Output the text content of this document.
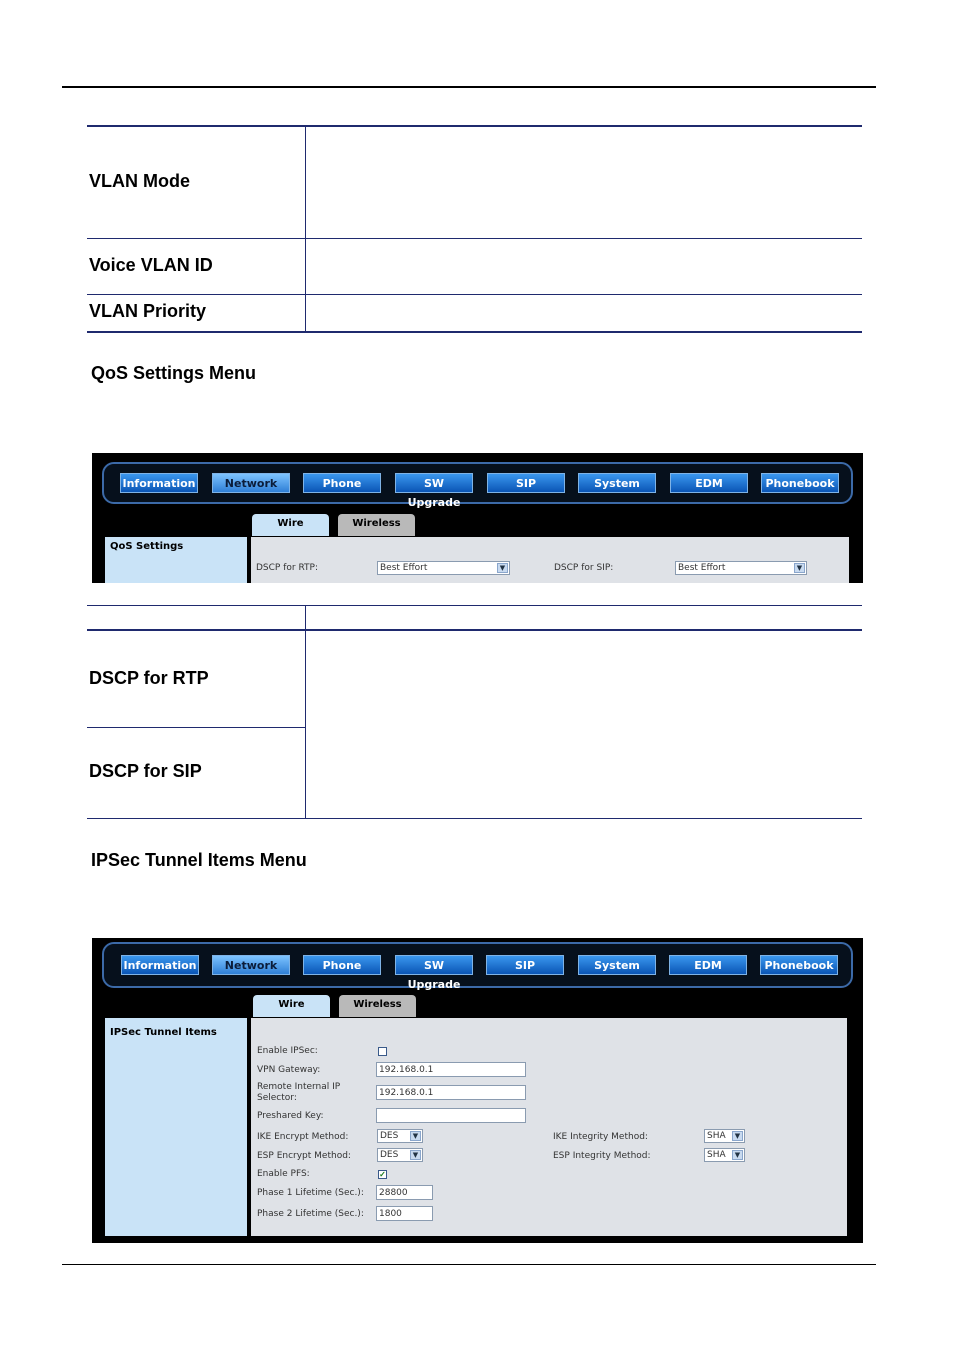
VLAN Mode
Voice VLAN ID
VLAN Priority
QoS Settings Menu
Information	Network	Phone	SW Upgrade
SIP	System	EDM	Phonebook
Wire	Wireless
QoS Settings
DSCP for RTP:	Best Effort	▼	DSCP for SIP:	Best Effort	▼
DSCP for RTP
DSCP for SIP
IPSec Tunnel Items Menu
Information	Network	Phone	SW Upgrade
SIP	System	EDM	Phonebook
Wire	Wireless
IPSec Tunnel Items
Enable IPSec:
VPN Gateway:	192.168.0.1
Remote Internal IP
Selector:	192.168.0.1
Preshared Key:
IKE Encrypt Method:	DES	▼	IKE Integrity Method:	SHA	▼
ESP Encrypt Method:	DES	▼	ESP Integrity Method:	SHA	▼
Enable PFS:	✓
Phase 1 Lifetime (Sec.):	28800
Phase 2 Lifetime (Sec.):	1800
